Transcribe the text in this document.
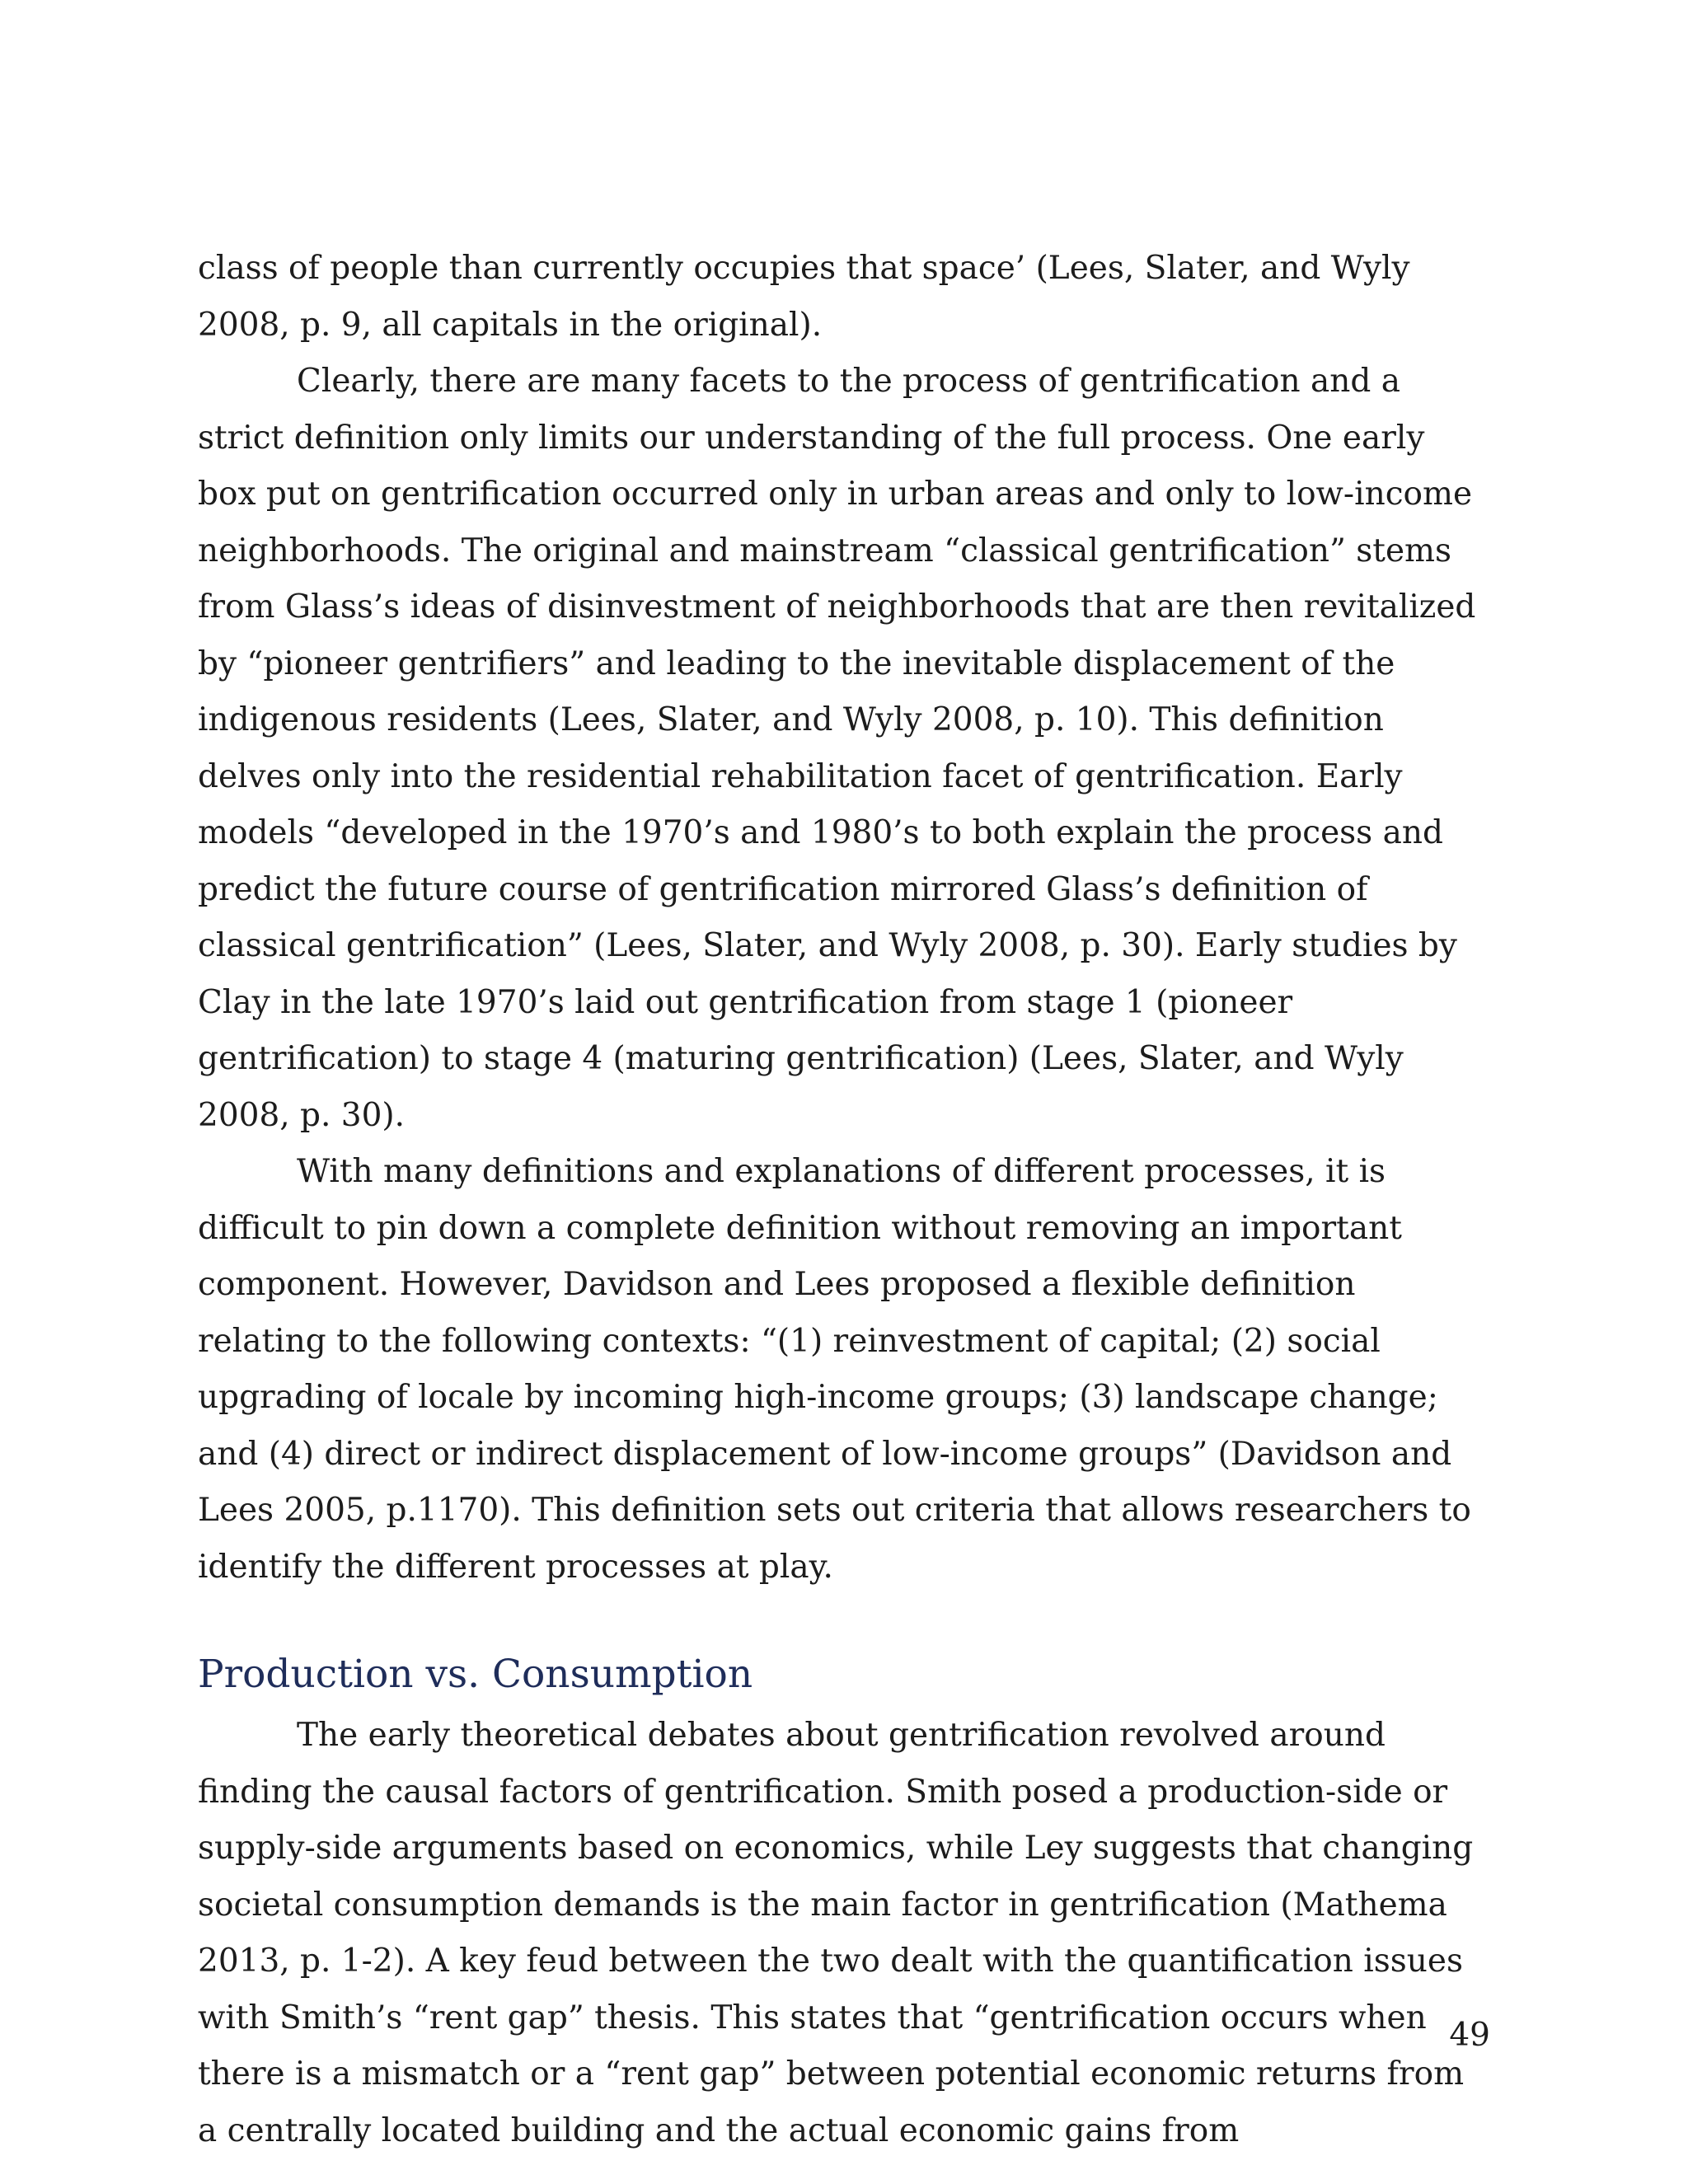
class of people than currently occupies that space’ (Lees, Slater, and Wyly 2008, p. 9, all capitals in the original).

Clearly, there are many facets to the process of gentrification and a strict definition only limits our understanding of the full process. One early box put on gentrification occurred only in urban areas and only to low-income neighborhoods. The original and mainstream “classical gentrification” stems from Glass’s ideas of disinvestment of neighborhoods that are then revitalized by “pioneer gentrifiers” and leading to the inevitable displacement of the indigenous residents (Lees, Slater, and Wyly 2008, p. 10). This definition delves only into the residential rehabilitation facet of gentrification. Early models “developed in the 1970’s and 1980’s to both explain the process and predict the future course of gentrification mirrored Glass’s definition of classical gentrification” (Lees, Slater, and Wyly 2008, p. 30). Early studies by Clay in the late 1970’s laid out gentrification from stage 1 (pioneer gentrification) to stage 4 (maturing gentrification) (Lees, Slater, and Wyly 2008, p. 30).

With many definitions and explanations of different processes, it is difficult to pin down a complete definition without removing an important component. However, Davidson and Lees proposed a flexible definition relating to the following contexts: “(1) reinvestment of capital; (2) social upgrading of locale by incoming high-income groups; (3) landscape change; and (4) direct or indirect displacement of low-income groups” (Davidson and Lees 2005, p.1170). This definition sets out criteria that allows researchers to identify the different processes at play.

Production vs. Consumption

The early theoretical debates about gentrification revolved around finding the causal factors of gentrification. Smith posed a production-side or supply-side arguments based on economics, while Ley suggests that changing societal consumption demands is the main factor in gentrification (Mathema 2013, p. 1-2). A key feud between the two dealt with the quantification issues with Smith’s “rent gap” thesis. This states that “gentrification occurs when there is a mismatch or a “rent gap” between potential economic returns from a centrally located building and the actual economic gains from

49
